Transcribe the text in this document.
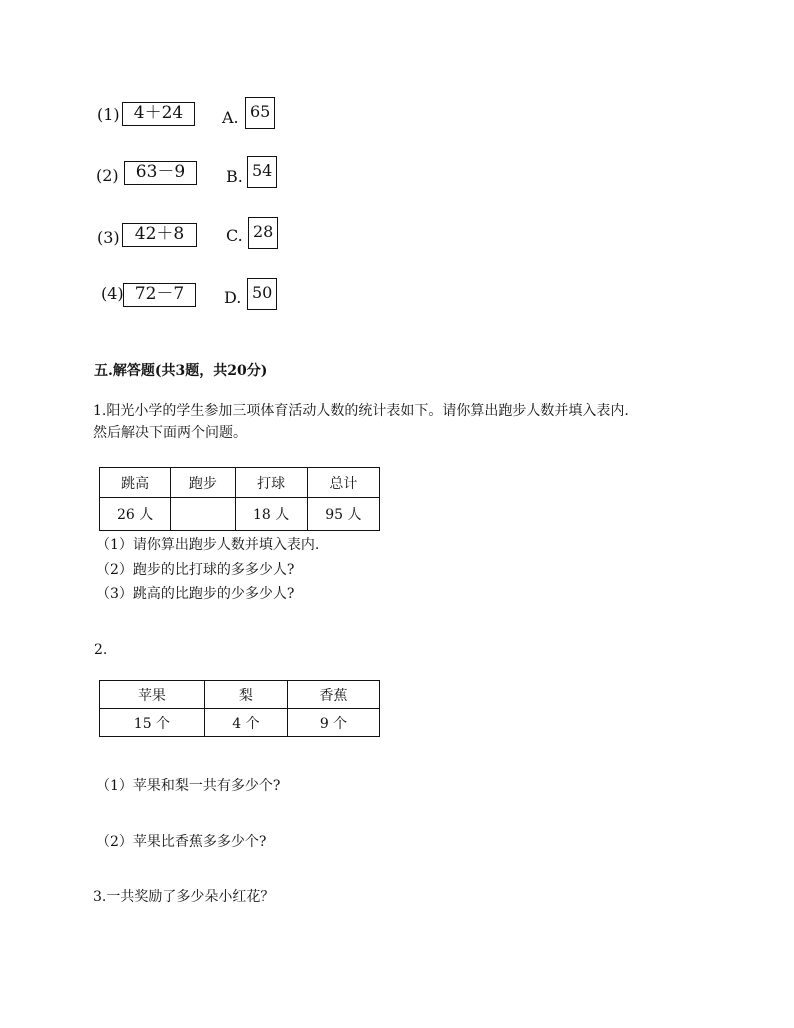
(1) 4＋24	A. 65
(2)	63－9	B. 54
(3) 42＋8	C. 28
(4) 72－7	D. 50
五.解答题(共3题，共20分)
1.阳光小学的学生参加三项体育活动人数的统计表如下。请你算出跑步人数并填入表内.
然后解决下面两个问题。
跳高	跑步	打球	总计
26 人		18 人	95 人
（1）请你算出跑步人数并填入表内.
（2）跑步的比打球的多多少人?
（3）跳高的比跑步的少多少人?
2.
苹果	梨	香蕉
15 个	4 个	9 个
（1）苹果和梨一共有多少个?
（2）苹果比香蕉多多少个?
3.一共奖励了多少朵小红花？
